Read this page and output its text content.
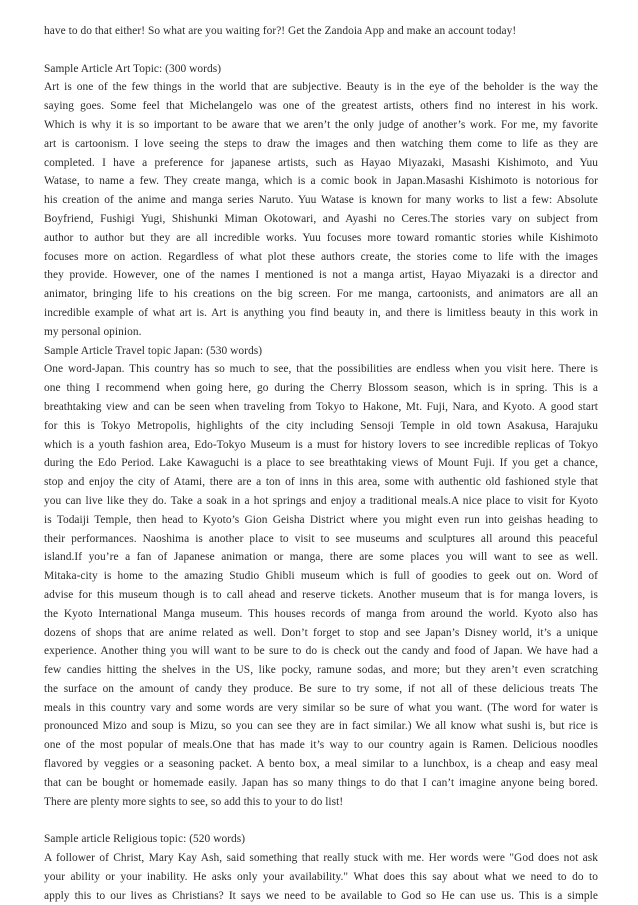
have to do that either! So what are you waiting for?! Get the Zandoia App and make an account today!
Sample Article Art Topic: (300 words)
Art is one of the few things in the world that are subjective. Beauty is in the eye of the beholder is the way the
saying goes. Some feel that Michelangelo was one of the greatest artists, others find no interest in his work.
Which is why it is so important to be aware that we aren’t the only judge of another’s work. For me, my favorite
art is cartoonism. I love seeing the steps to draw the images and then watching them come to life as they are
completed. I have a preference for japanese artists, such as Hayao Miyazaki, Masashi Kishimoto, and Yuu
Watase, to name a few. They create manga, which is a comic book in Japan.Masashi Kishimoto is notorious for
his creation of the anime and manga series Naruto. Yuu Watase is known for many works to list a few: Absolute
Boyfriend, Fushigi Yugi, Shishunki Miman Okotowari, and Ayashi no Ceres.The stories vary on subject from
author to author but they are all incredible works. Yuu focuses more toward romantic stories while Kishimoto
focuses more on action. Regardless of what plot these authors create, the stories come to life with the images
they provide. However, one of the names I mentioned is not a manga artist, Hayao Miyazaki is a director and
animator, bringing life to his creations on the big screen. For me manga, cartoonists, and animators are all an
incredible example of what art is. Art is anything you find beauty in, and there is limitless beauty in this work in
my personal opinion.
Sample Article Travel topic Japan: (530 words)
One word-Japan. This country has so much to see, that the possibilities are endless when you visit here. There is
one thing I recommend when going here, go during the Cherry Blossom season, which is in spring. This is a
breathtaking view and can be seen when traveling from Tokyo to Hakone, Mt. Fuji, Nara, and Kyoto. A good start
for this is Tokyo Metropolis, highlights of the city including Sensoji Temple in old town Asakusa, Harajuku
which is a youth fashion area, Edo-Tokyo Museum is a must for history lovers to see incredible replicas of Tokyo
during the Edo Period. Lake Kawaguchi is a place to see breathtaking views of Mount Fuji. If you get a chance,
stop and enjoy the city of Atami, there are a ton of inns in this area, some with authentic old fashioned style that
you can live like they do. Take a soak in a hot springs and enjoy a traditional meals.A nice place to visit for Kyoto
is Todaiji Temple, then head to Kyoto’s Gion Geisha District where you might even run into geishas heading to
their performances. Naoshima is another place to visit to see museums and sculptures all around this peaceful
island.If you’re a fan of Japanese animation or manga, there are some places you will want to see as well.
Mitaka-city is home to the amazing Studio Ghibli museum which is full of goodies to geek out on. Word of
advise for this museum though is to call ahead and reserve tickets. Another museum that is for manga lovers, is
the Kyoto International Manga museum. This houses records of manga from around the world. Kyoto also has
dozens of shops that are anime related as well. Don’t forget to stop and see Japan’s Disney world, it’s a unique
experience. Another thing you will want to be sure to do is check out the candy and food of Japan. We have had a
few candies hitting the shelves in the US, like pocky, ramune sodas, and more; but they aren’t even scratching
the surface on the amount of candy they produce. Be sure to try some, if not all of these delicious treats The
meals in this country vary and some words are very similar so be sure of what you want. (The word for water is
pronounced Mizo and soup is Mizu, so you can see they are in fact similar.) We all know what sushi is, but rice is
one of the most popular of meals.One that has made it’s way to our country again is Ramen. Delicious noodles
flavored by veggies or a seasoning packet. A bento box, a meal similar to a lunchbox, is a cheap and easy meal
that can be bought or homemade easily. Japan has so many things to do that I can’t imagine anyone being bored.
There are plenty more sights to see, so add this to your to do list!
Sample article Religious topic: (520 words)
A follower of Christ, Mary Kay Ash, said something that really stuck with me. Her words were "God does not ask
your ability or your inability. He asks only your availability." What does this say about what we need to do to
apply this to our lives as Christians? It says we need to be available to God so He can use us. This is a simple
